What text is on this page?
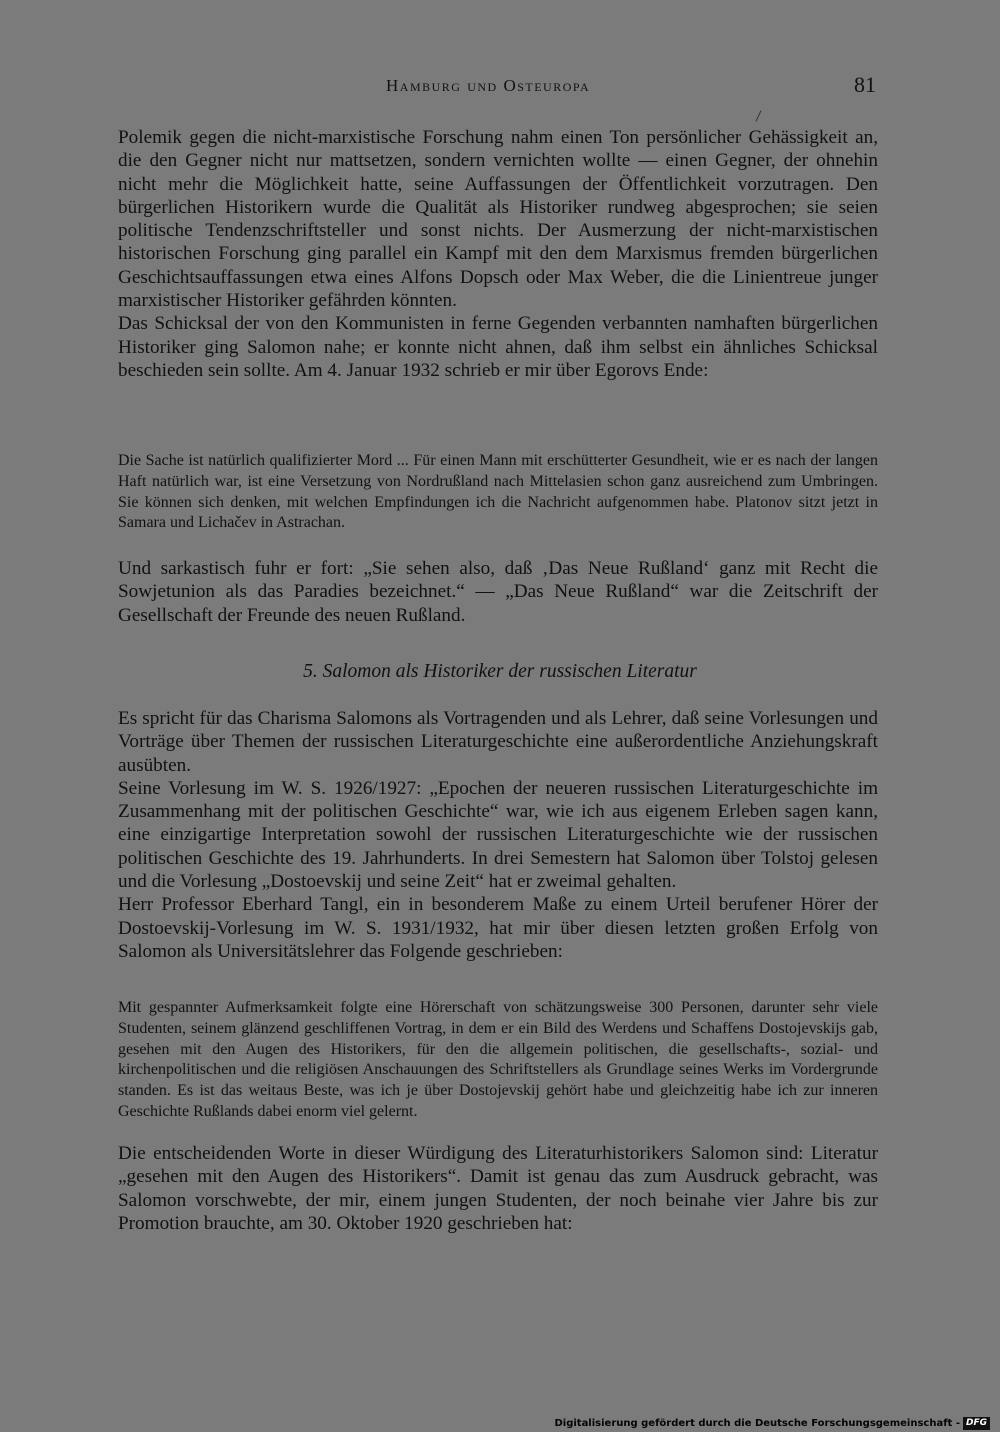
Hamburg und Osteuropa	81

Polemik gegen die nicht-marxistische Forschung nahm einen Ton persönlicher Gehässigkeit an, die den Gegner nicht nur mattsetzen, sondern vernichten wollte — einen Gegner, der ohnehin nicht mehr die Möglichkeit hatte, seine Auffassungen der Öffentlichkeit vorzutragen. Den bürgerlichen Historikern wurde die Qualität als Historiker rundweg abgesprochen; sie seien politische Tendenzschriftsteller und sonst nichts. Der Ausmerzung der nicht-marxistischen historischen Forschung ging parallel ein Kampf mit den dem Marxismus fremden bürgerlichen Geschichtsauffassungen etwa eines Alfons Dopsch oder Max Weber, die die Linientreue junger marxistischer Historiker gefährden könnten.

Das Schicksal der von den Kommunisten in ferne Gegenden verbannten namhaften bürgerlichen Historiker ging Salomon nahe; er konnte nicht ahnen, daß ihm selbst ein ähnliches Schicksal beschieden sein sollte. Am 4. Januar 1932 schrieb er mir über Egorovs Ende:

Die Sache ist natürlich qualifizierter Mord ... Für einen Mann mit erschütterter Gesundheit, wie er es nach der langen Haft natürlich war, ist eine Versetzung von Nordrußland nach Mittelasien schon ganz ausreichend zum Umbringen. Sie können sich denken, mit welchen Empfindungen ich die Nachricht aufgenommen habe. Platonov sitzt jetzt in Samara und Lichačev in Astrachan.

Und sarkastisch fuhr er fort: „Sie sehen also, daß ‚Das Neue Rußland‘ ganz mit Recht die Sowjetunion als das Paradies bezeichnet.“ — „Das Neue Rußland“ war die Zeitschrift der Gesellschaft der Freunde des neuen Rußland.

5. Salomon als Historiker der russischen Literatur

Es spricht für das Charisma Salomons als Vortragenden und als Lehrer, daß seine Vorlesungen und Vorträge über Themen der russischen Literaturgeschichte eine außerordentliche Anziehungskraft ausübten.

Seine Vorlesung im W. S. 1926/1927: „Epochen der neueren russischen Literaturgeschichte im Zusammenhang mit der politischen Geschichte“ war, wie ich aus eigenem Erleben sagen kann, eine einzigartige Interpretation sowohl der russischen Literaturgeschichte wie der russischen politischen Geschichte des 19. Jahrhunderts. In drei Semestern hat Salomon über Tolstoj gelesen und die Vorlesung „Dostoevskij und seine Zeit“ hat er zweimal gehalten.

Herr Professor Eberhard Tangl, ein in besonderem Maße zu einem Urteil berufener Hörer der Dostoevskij-Vorlesung im W. S. 1931/1932, hat mir über diesen letzten großen Erfolg von Salomon als Universitätslehrer das Folgende geschrieben:

Mit gespannter Aufmerksamkeit folgte eine Hörerschaft von schätzungsweise 300 Personen, darunter sehr viele Studenten, seinem glänzend geschliffenen Vortrag, in dem er ein Bild des Werdens und Schaffens Dostojevskijs gab, gesehen mit den Augen des Historikers, für den die allgemein politischen, die gesellschafts-, sozial- und kirchenpolitischen und die religiösen Anschauungen des Schriftstellers als Grundlage seines Werks im Vordergrunde standen. Es ist das weitaus Beste, was ich je über Dostojevskij gehört habe und gleichzeitig habe ich zur inneren Geschichte Rußlands dabei enorm viel gelernt.

Die entscheidenden Worte in dieser Würdigung des Literaturhistorikers Salomon sind: Literatur „gesehen mit den Augen des Historikers“. Damit ist genau das zum Ausdruck gebracht, was Salomon vorschwebte, der mir, einem jungen Studenten, der noch beinahe vier Jahre bis zur Promotion brauchte, am 30. Oktober 1920 geschrieben hat:

Digitalisierung gefördert durch die Deutsche Forschungsgemeinschaft - DFG
